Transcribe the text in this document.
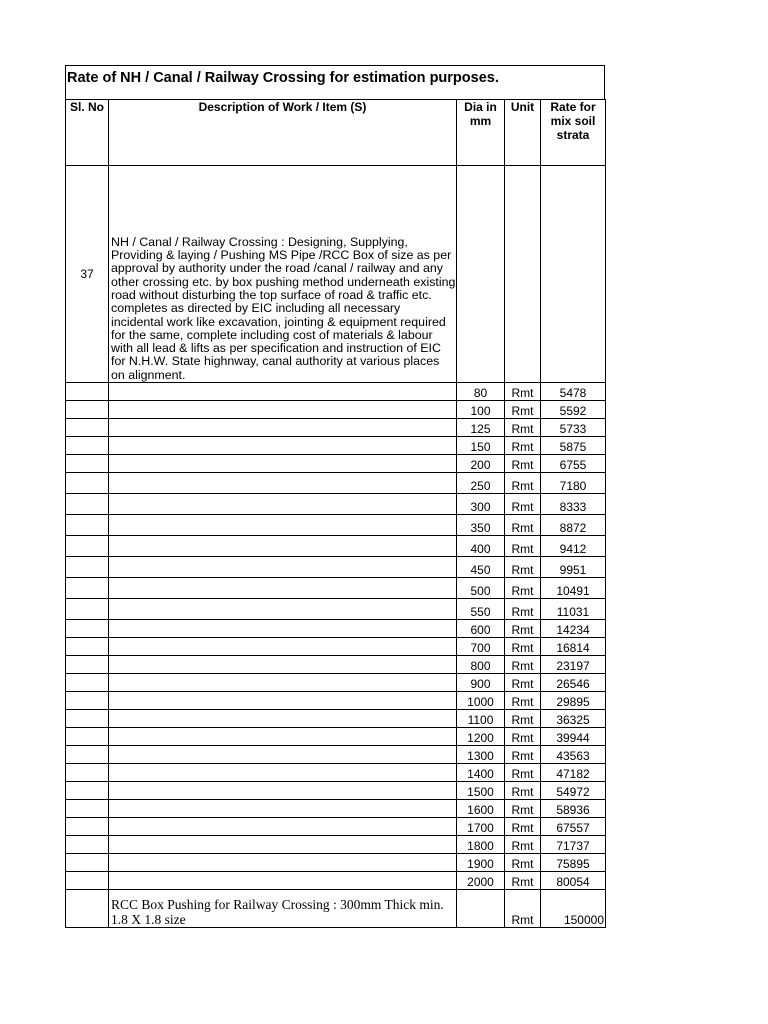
Rate of NH / Canal / Railway Crossing for estimation purposes.
Sl. No	Description of Work / Item (S)	Dia in mm	Unit	Rate for mix soil strata
37	NH / Canal / Railway Crossing : Designing, Supplying, Providing & laying / Pushing MS Pipe /RCC Box of size as per approval by authority under the road /canal / railway and any other crossing etc. by box pushing method underneath existing road without disturbing the top surface of road & traffic etc. completes as directed by EIC including all necessary incidental work like excavation, jointing & equipment required for the same, complete including cost of materials & labour with all lead & lifts as per specification and instruction of EIC for N.H.W. State highnway, canal authority at various places on alignment.			
		80	Rmt	5478
		100	Rmt	5592
		125	Rmt	5733
		150	Rmt	5875
		200	Rmt	6755
		250	Rmt	7180
		300	Rmt	8333
		350	Rmt	8872
		400	Rmt	9412
		450	Rmt	9951
		500	Rmt	10491
		550	Rmt	11031
		600	Rmt	14234
		700	Rmt	16814
		800	Rmt	23197
		900	Rmt	26546
		1000	Rmt	29895
		1100	Rmt	36325
		1200	Rmt	39944
		1300	Rmt	43563
		1400	Rmt	47182
		1500	Rmt	54972
		1600	Rmt	58936
		1700	Rmt	67557
		1800	Rmt	71737
		1900	Rmt	75895
		2000	Rmt	80054
	RCC Box Pushing for Railway Crossing : 300mm Thick min. 1.8 X 1.8 size		Rmt	150000
